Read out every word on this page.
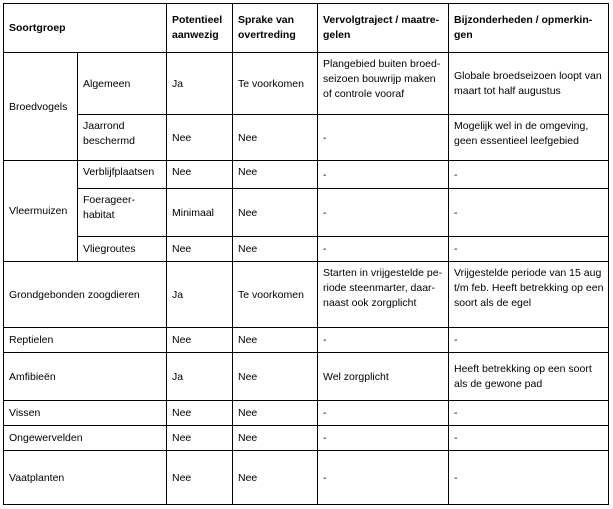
Soortgroep		Potentieel aanwezig	Sprake van overtreding	Vervolgtraject / maatre-gelen	Bijzonderheden / opmerkin-gen
Broedvogels	Algemeen	Ja	Te voorkomen	Plangebied buiten broed-seizoen bouwrijp maken of controle vooraf	Globale broedseizoen loopt van maart tot half augustus
	Jaarrond beschermd	Nee	Nee	-	Mogelijk wel in de omgeving, geen essentieel leefgebied
Vleermuizen	Verblijfplaatsen	Nee	Nee	-	-
	Foerageer-habitat	Minimaal	Nee	-	-
	Vliegroutes	Nee	Nee	-	-
Grondgebonden zoogdieren		Ja	Te voorkomen	Starten in vrijgestelde pe-riode steenmarter, daar-naast ook zorgplicht	Vrijgestelde periode van 15 aug t/m feb. Heeft betrekking op een soort als de egel
Reptielen		Nee	Nee	-	-
Amfibieën		Ja	Nee	Wel zorgplicht	Heeft betrekking op een soort als de gewone pad
Vissen		Nee	Nee	-	-
Ongewervelden		Nee	Nee	-	-
Vaatplanten		Nee	Nee	-	-
